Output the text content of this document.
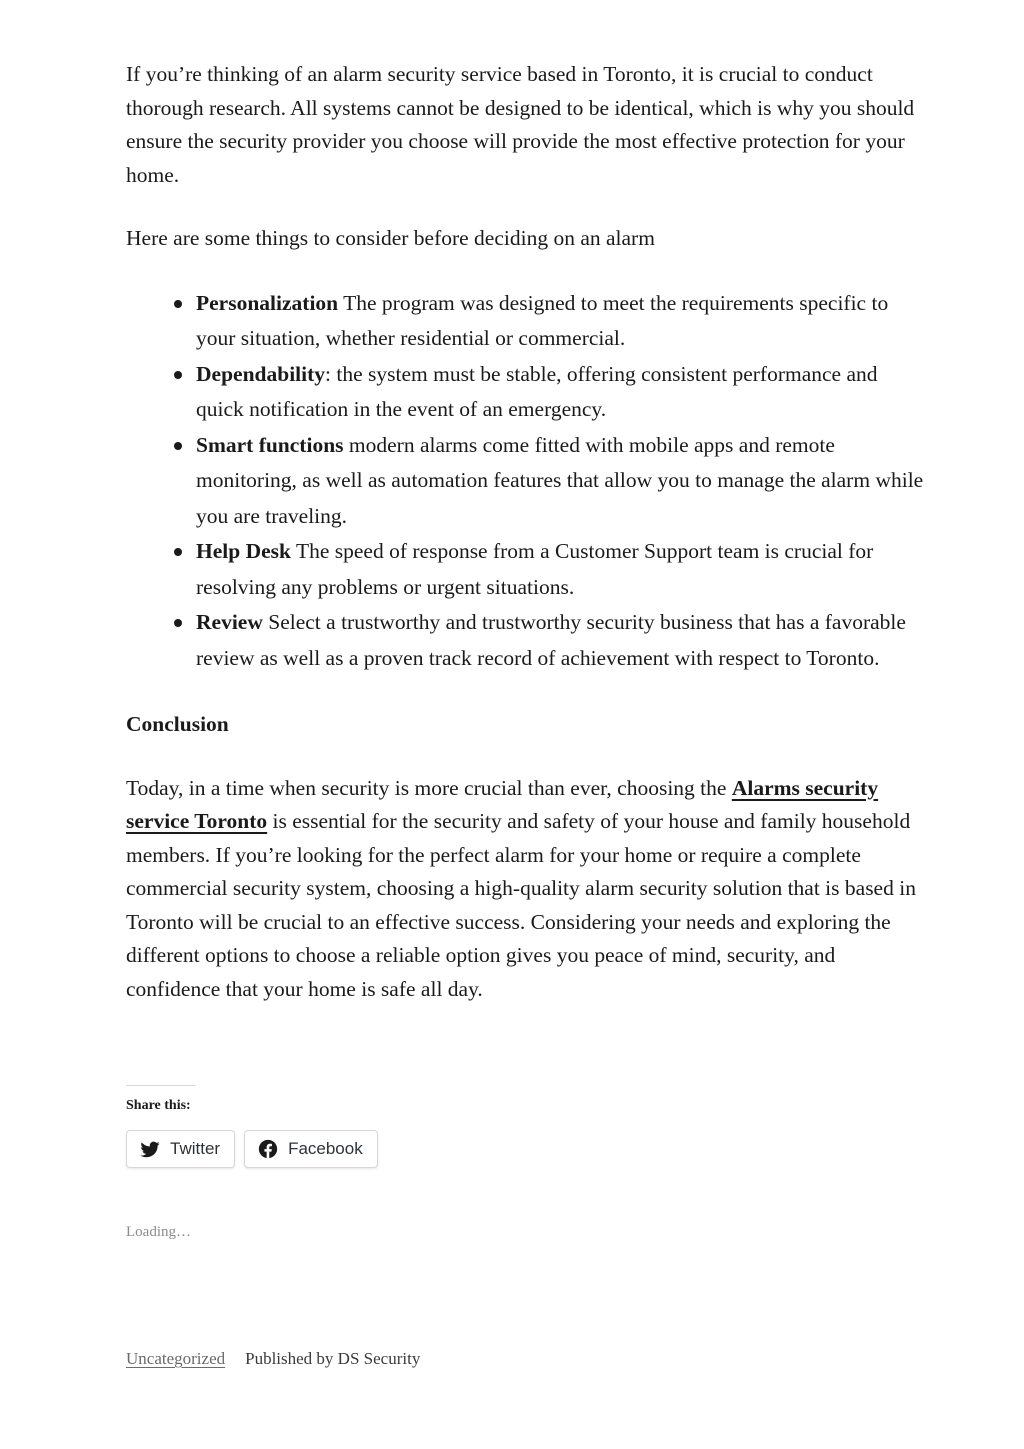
If you’re thinking of an alarm security service based in Toronto, it is crucial to conduct thorough research. All systems cannot be designed to be identical, which is why you should ensure the security provider you choose will provide the most effective protection for your home.

Here are some things to consider before deciding on an alarm

Personalization The program was designed to meet the requirements specific to your situation, whether residential or commercial.
Dependability: the system must be stable, offering consistent performance and quick notification in the event of an emergency.
Smart functions modern alarms come fitted with mobile apps and remote monitoring, as well as automation features that allow you to manage the alarm while you are traveling.
Help Desk The speed of response from a Customer Support team is crucial for resolving any problems or urgent situations.
Review Select a trustworthy and trustworthy security business that has a favorable review as well as a proven track record of achievement with respect to Toronto.
Conclusion

Today, in a time when security is more crucial than ever, choosing the Alarms security service Toronto is essential for the security and safety of your house and family household members. If you’re looking for the perfect alarm for your home or require a complete commercial security system, choosing a high-quality alarm security solution that is based in Toronto will be crucial to an effective success. Considering your needs and exploring the different options to choose a reliable option gives you peace of mind, security, and confidence that your home is safe all day.

Share this:
Twitter	Facebook
Loading…
Uncategorized Published by DS Security
